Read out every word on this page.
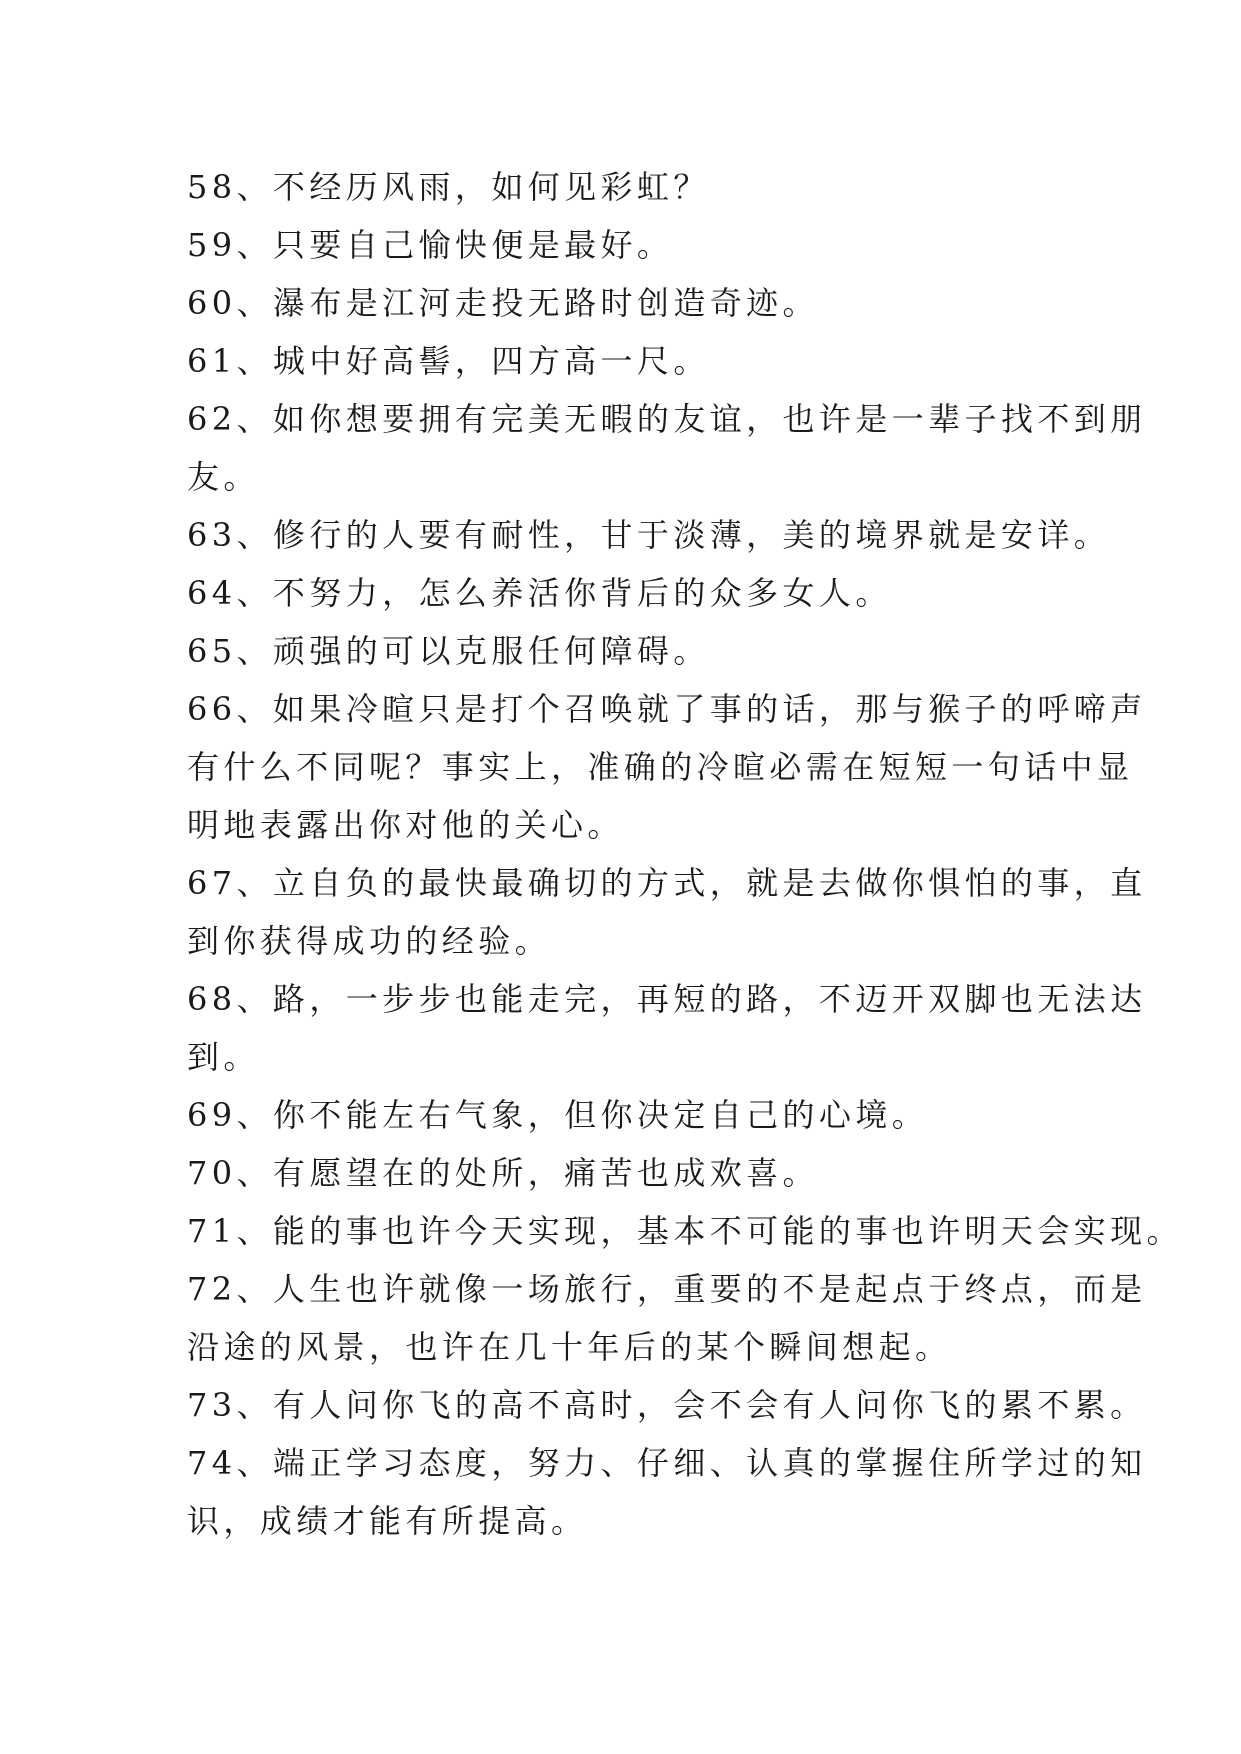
58、不经历风雨，如何见彩虹？
59、只要自己愉快便是最好。
60、瀑布是江河走投无路时创造奇迹。
61、城中好高髻，四方高一尺。
62、如你想要拥有完美无暇的友谊，也许是一辈子找不到朋
友。
63、修行的人要有耐性，甘于淡薄，美的境界就是安详。
64、不努力，怎么养活你背后的众多女人。
65、顽强的可以克服任何障碍。
66、如果冷暄只是打个召唤就了事的话，那与猴子的呼啼声
有什么不同呢？事实上，准确的冷暄必需在短短一句话中显
明地表露出你对他的关心。
67、立自负的最快最确切的方式，就是去做你惧怕的事，直
到你获得成功的经验。
68、路，一步步也能走完，再短的路，不迈开双脚也无法达
到。
69、你不能左右气象，但你决定自己的心境。
70、有愿望在的处所，痛苦也成欢喜。
71、能的事也许今天实现，基本不可能的事也许明天会实现。
72、人生也许就像一场旅行，重要的不是起点于终点，而是
沿途的风景，也许在几十年后的某个瞬间想起。
73、有人问你飞的高不高时，会不会有人问你飞的累不累。
74、端正学习态度，努力、仔细、认真的掌握住所学过的知
识，成绩才能有所提高。
